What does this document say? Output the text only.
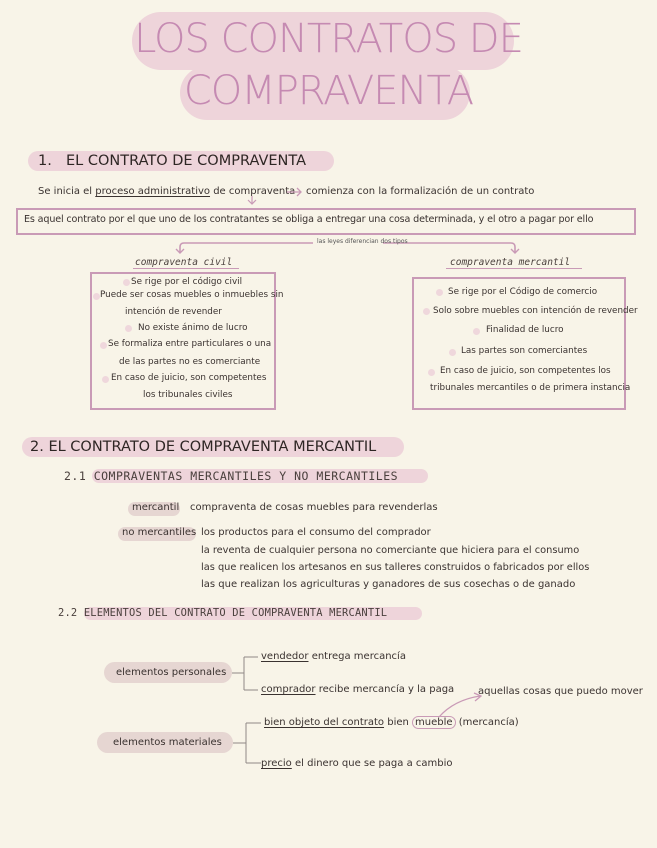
LOS CONTRATOS DE
COMPRAVENTA
1. EL CONTRATO DE COMPRAVENTA
Se inicia el proceso administrativo de compraventa comienza con la formalización de un contrato
Es aquel contrato por el que uno de los contratantes se obliga a entregar una cosa determinada, y el otro a pagar por ello
las leyes diferencian dos tipos
compraventa civil
Se rige por el código civil
Puede ser cosas muebles o inmuebles sin
intención de revender
No existe ánimo de lucro
Se formaliza entre particulares o una
de las partes no es comerciante
En caso de juicio, son competentes
los tribunales civiles
compraventa mercantil
Se rige por el Código de comercio
Solo sobre muebles con intención de revender
Finalidad de lucro
Las partes son comerciantes
En caso de juicio, son competentes los
tribunales mercantiles o de primera instancia
2. EL CONTRATO DE COMPRAVENTA MERCANTIL
2.1 COMPRAVENTAS MERCANTILES Y NO MERCANTILES
mercantil compraventa de cosas muebles para revenderlas
no mercantiles los productos para el consumo del comprador
la reventa de cualquier persona no comerciante que hiciera para el consumo
las que realicen los artesanos en sus talleres construidos o fabricados por ellos
las que realizan los agriculturas y ganadores de sus cosechas o de ganado
2.2 ELEMENTOS DEL CONTRATO DE COMPRAVENTA MERCANTIL
elementos personales
vendedor entrega mercancía
comprador recibe mercancía y la paga aquellas cosas que puedo mover
elementos materiales
bien objeto del contrato bien mueble (mercancía)
precio el dinero que se paga a cambio
